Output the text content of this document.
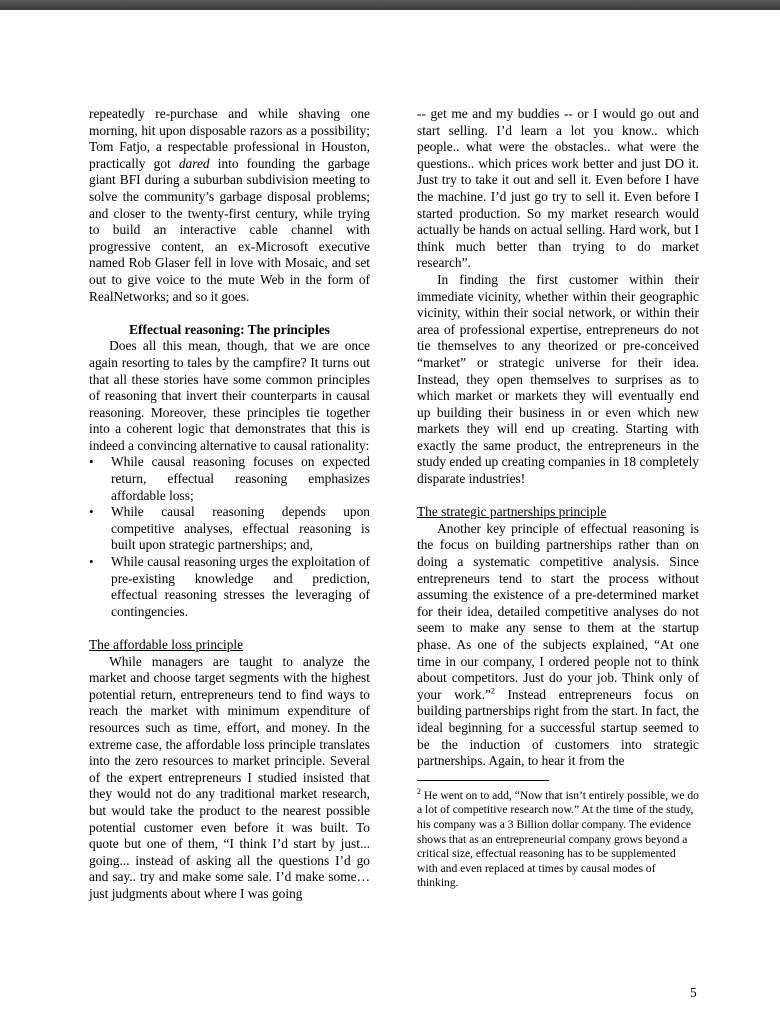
repeatedly re-purchase and while shaving one morning, hit upon disposable razors as a possibility; Tom Fatjo, a respectable professional in Houston, practically got dared into founding the garbage giant BFI during a suburban subdivision meeting to solve the community’s garbage disposal problems; and closer to the twenty-first century, while trying to build an interactive cable channel with progressive content, an ex-Microsoft executive named Rob Glaser fell in love with Mosaic, and set out to give voice to the mute Web in the form of RealNetworks; and so it goes.

Effectual reasoning: The principles

Does all this mean, though, that we are once again resorting to tales by the campfire? It turns out that all these stories have some common principles of reasoning that invert their counterparts in causal reasoning. Moreover, these principles tie together into a coherent logic that demonstrates that this is indeed a convincing alternative to causal rationality:

• While causal reasoning focuses on expected return, effectual reasoning emphasizes affordable loss;
• While causal reasoning depends upon competitive analyses, effectual reasoning is built upon strategic partnerships; and,
• While causal reasoning urges the exploitation of pre-existing knowledge and prediction, effectual reasoning stresses the leveraging of contingencies.

The affordable loss principle

While managers are taught to analyze the market and choose target segments with the highest potential return, entrepreneurs tend to find ways to reach the market with minimum expenditure of resources such as time, effort, and money. In the extreme case, the affordable loss principle translates into the zero resources to market principle. Several of the expert entrepreneurs I studied insisted that they would not do any traditional market research, but would take the product to the nearest possible potential customer even before it was built. To quote but one of them, “I think I’d start by just... going... instead of asking all the questions I’d go and say.. try and make some sale. I’d make some… just judgments about where I was going

-- get me and my buddies -- or I would go out and start selling. I’d learn a lot you know.. which people.. what were the obstacles.. what were the questions.. which prices work better and just DO it. Just try to take it out and sell it. Even before I have the machine. I’d just go try to sell it. Even before I started production. So my market research would actually be hands on actual selling. Hard work, but I think much better than trying to do market research”.

In finding the first customer within their immediate vicinity, whether within their geographic vicinity, within their social network, or within their area of professional expertise, entrepreneurs do not tie themselves to any theorized or pre-conceived “market” or strategic universe for their idea. Instead, they open themselves to surprises as to which market or markets they will eventually end up building their business in or even which new markets they will end up creating. Starting with exactly the same product, the entrepreneurs in the study ended up creating companies in 18 completely disparate industries!

The strategic partnerships principle

Another key principle of effectual reasoning is the focus on building partnerships rather than on doing a systematic competitive analysis. Since entrepreneurs tend to start the process without assuming the existence of a pre-determined market for their idea, detailed competitive analyses do not seem to make any sense to them at the startup phase. As one of the subjects explained, “At one time in our company, I ordered people not to think about competitors. Just do your job. Think only of your work.”$^2$ Instead entrepreneurs focus on building partnerships right from the start. In fact, the ideal beginning for a successful startup seemed to be the induction of customers into strategic partnerships. Again, to hear it from the

$^2$ He went on to add, “Now that isn’t entirely possible, we do a lot of competitive research now.” At the time of the study, his company was a 3 Billion dollar company. The evidence shows that as an entrepreneurial company grows beyond a critical size, effectual reasoning has to be supplemented with and even replaced at times by causal modes of thinking.

5
